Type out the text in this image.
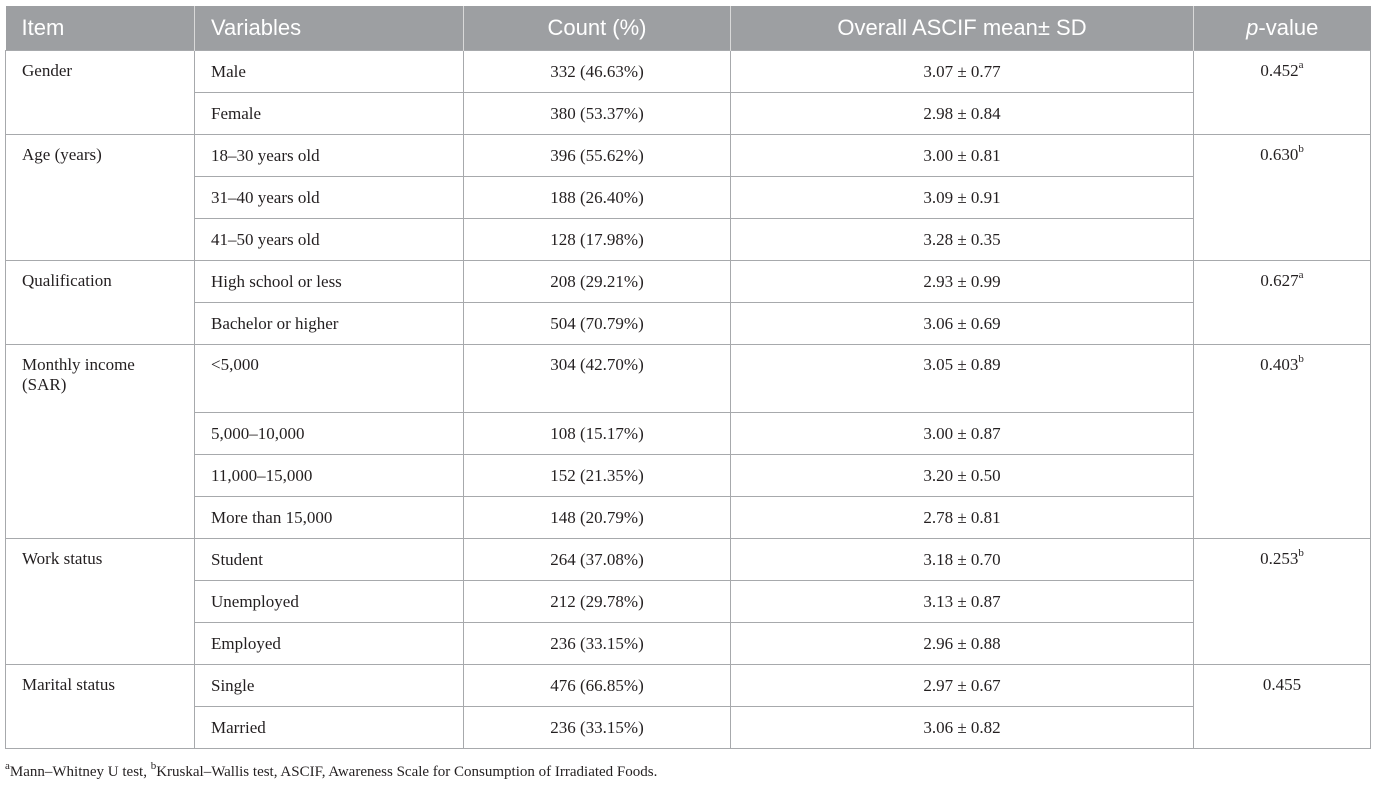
Item	Variables	Count (%)	Overall ASCIF mean± SD	p-value
Gender	Male	332 (46.63%)	3.07 ± 0.77	0.452$^a$
	Female	380 (53.37%)	2.98 ± 0.84	
Age (years)	18–30 years old	396 (55.62%)	3.00 ± 0.81	0.630$^b$
	31–40 years old	188 (26.40%)	3.09 ± 0.91	
	41–50 years old	128 (17.98%)	3.28 ± 0.35	
Qualification	High school or less	208 (29.21%)	2.93 ± 0.99	0.627$^a$
	Bachelor or higher	504 (70.79%)	3.06 ± 0.69	
Monthly income (SAR)	<5,000	304 (42.70%)	3.05 ± 0.89	0.403$^b$
	5,000–10,000	108 (15.17%)	3.00 ± 0.87	
	11,000–15,000	152 (21.35%)	3.20 ± 0.50	
	More than 15,000	148 (20.79%)	2.78 ± 0.81	
Work status	Student	264 (37.08%)	3.18 ± 0.70	0.253$^b$
	Unemployed	212 (29.78%)	3.13 ± 0.87	
	Employed	236 (33.15%)	2.96 ± 0.88	
Marital status	Single	476 (66.85%)	2.97 ± 0.67	0.455
	Married	236 (33.15%)	3.06 ± 0.82	
$^a$Mann–Whitney U test, $^b$Kruskal–Wallis test, ASCIF, Awareness Scale for Consumption of Irradiated Foods.
